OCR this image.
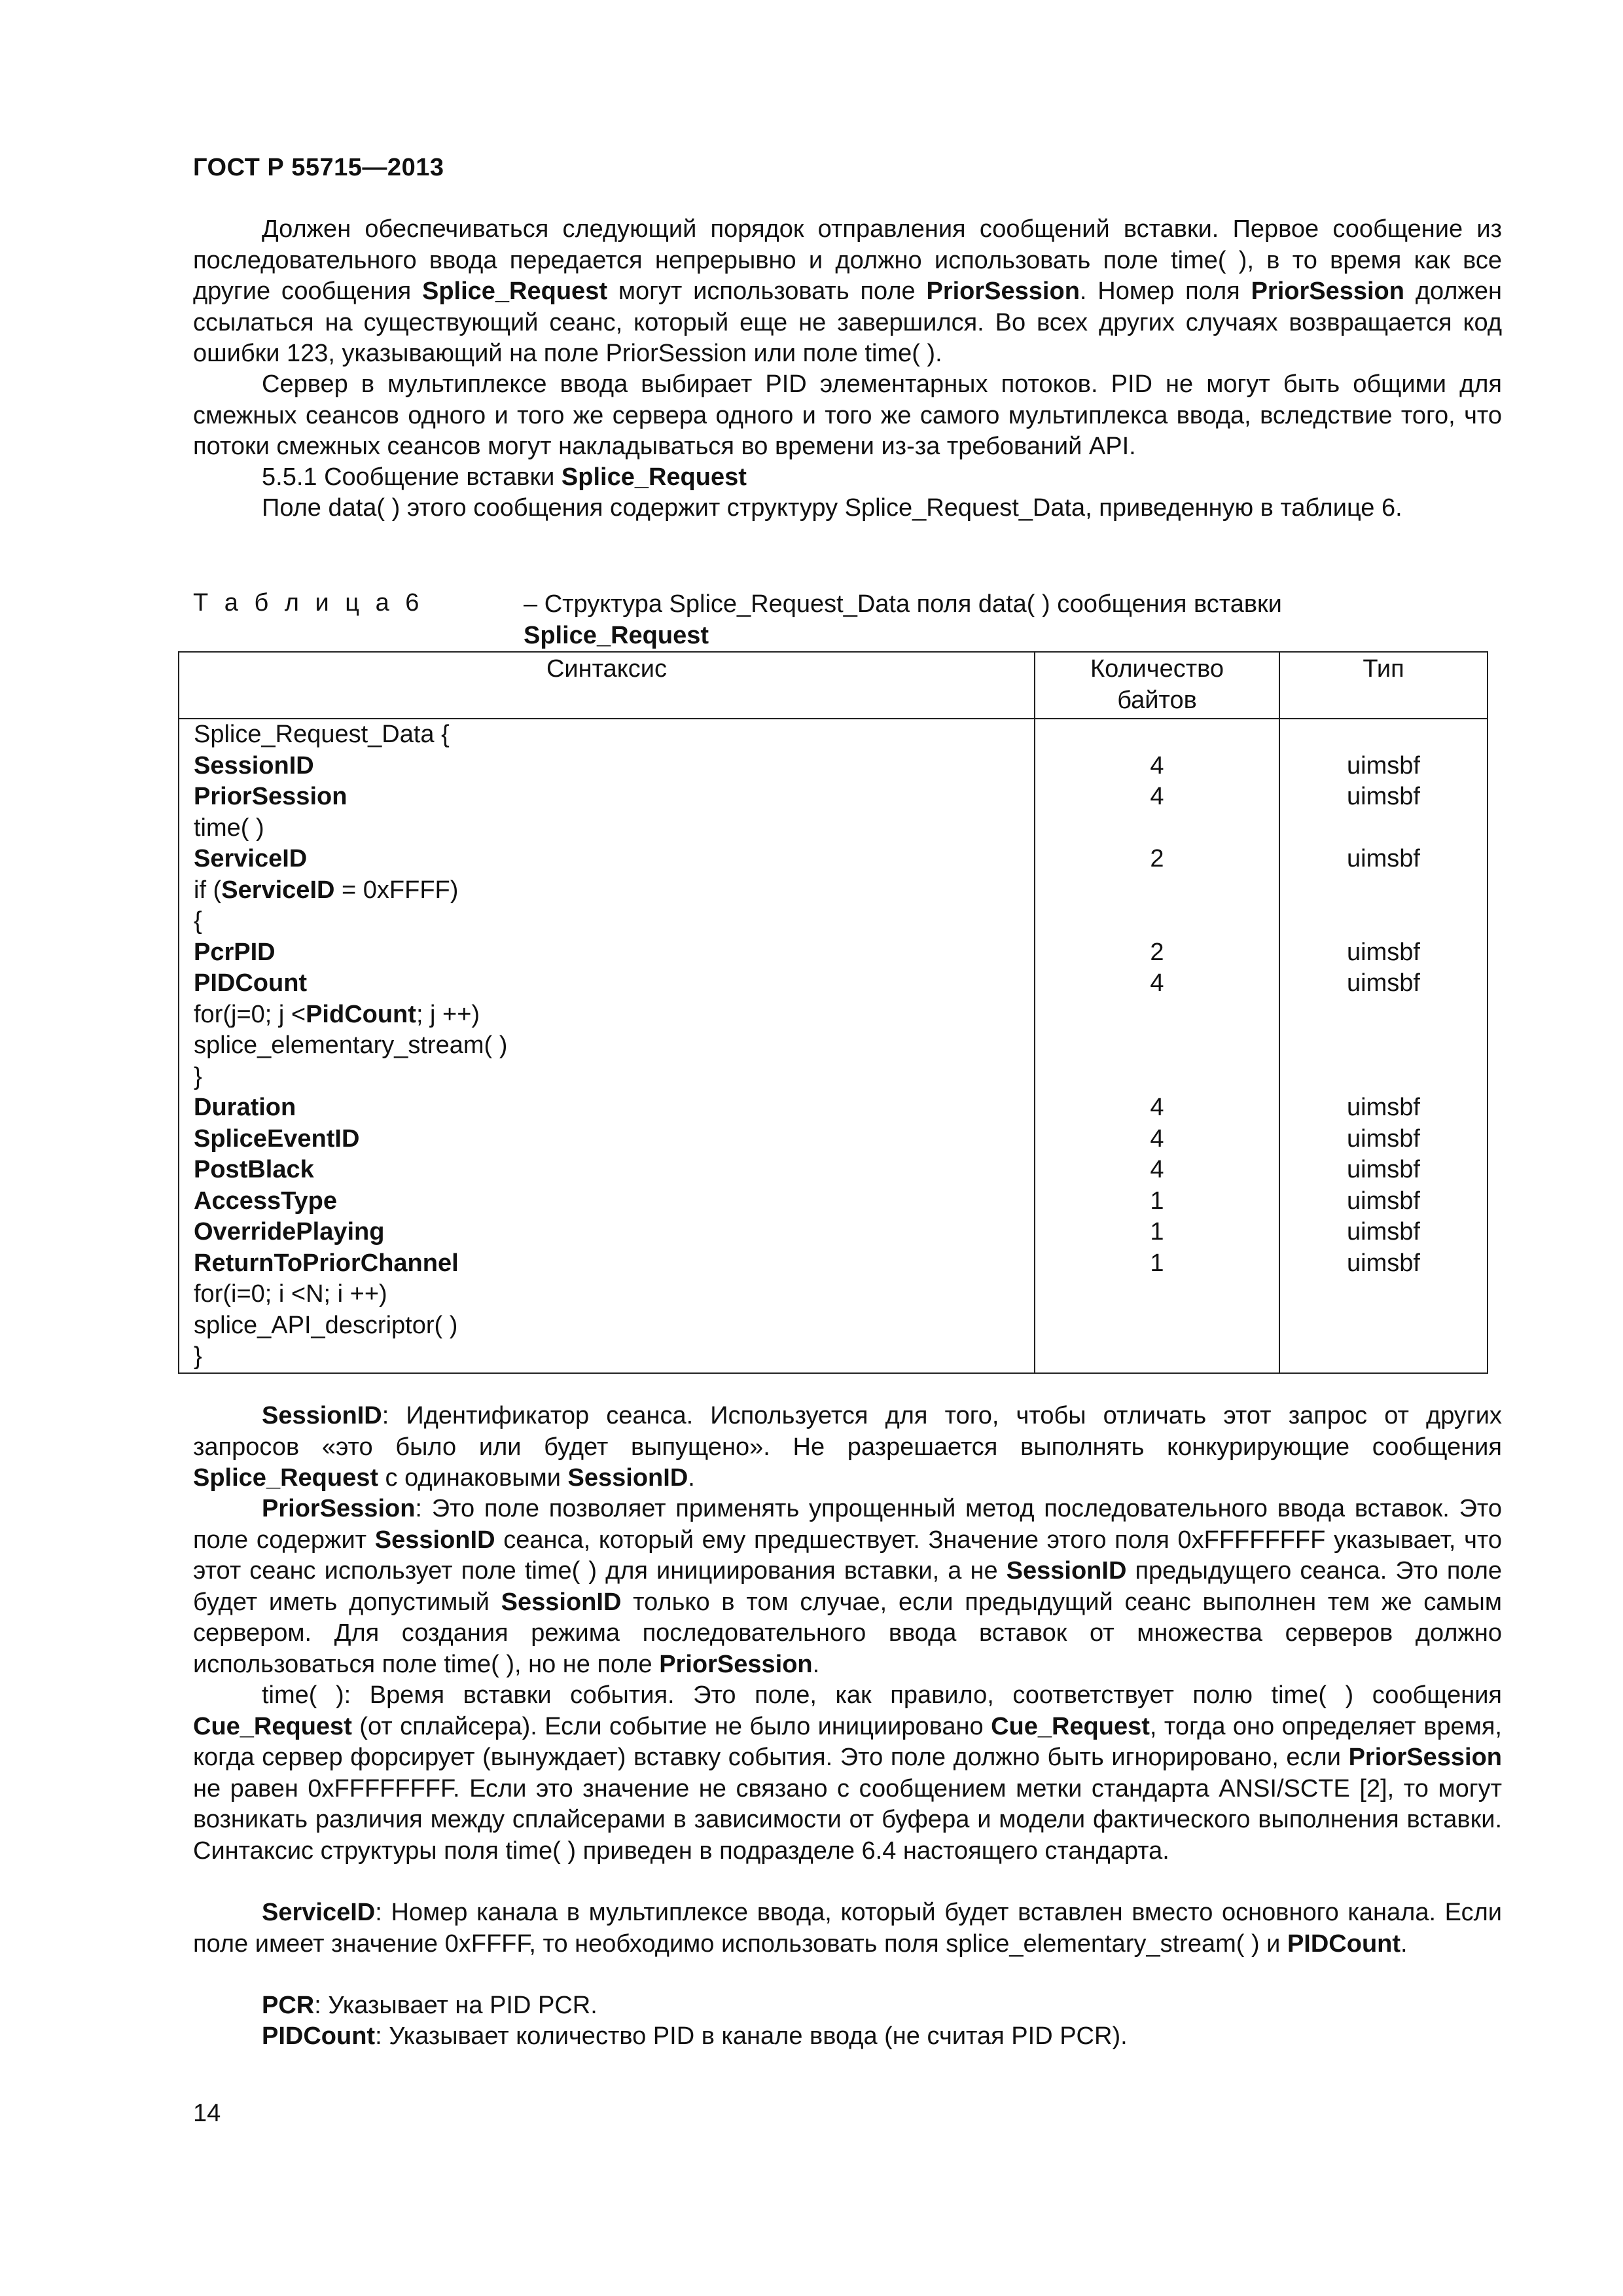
ГОСТ Р 55715—2013

Должен обеспечиваться следующий порядок отправления сообщений вставки. Первое сообщение из последовательного ввода передается непрерывно и должно использовать поле time( ), в то время как все другие сообщения Splice_Request могут использовать поле PriorSession. Номер поля PriorSession должен ссылаться на существующий сеанс, который еще не завершился. Во всех других случаях возвращается код ошибки 123, указывающий на поле PriorSession или поле time( ).

Сервер в мультиплексе ввода выбирает PID элементарных потоков. PID не могут быть общими для смежных сеансов одного и того же сервера одного и того же самого мультиплекса ввода, вследствие того, что потоки смежных сеансов могут накладываться во времени из-за требований API.

5.5.1 Сообщение вставки Splice_Request

Поле data( ) этого сообщения содержит структуру Splice_Request_Data, приведенную в таблице 6.

Т а б л и ц а 6	– Структура Splice_Request_Data поля data( ) сообщения вставки Splice_Request
Синтаксис	Количество байтов	Тип
Splice_Request_Data {		
SessionID	4	uimsbf
PriorSession	4	uimsbf
time( )		
ServiceID	2	uimsbf
if (ServiceID = 0xFFFF)		
{		
PcrPID	2	uimsbf
PIDCount	4	uimsbf
for(j=0; j <PidCount; j ++)		
splice_elementary_stream( )		
}		
Duration	4	uimsbf
SpliceEventID	4	uimsbf
PostBlack	4	uimsbf
AccessType	1	uimsbf
OverridePlaying	1	uimsbf
ReturnToPriorChannel	1	uimsbf
for(i=0; i <N; i ++)		
splice_API_descriptor( )		
}		

SessionID: Идентификатор сеанса. Используется для того, чтобы отличать этот запрос от других запросов «это было или будет выпущено». Не разрешается выполнять конкурирующие сообщения Splice_Request с одинаковыми SessionID.

PriorSession: Это поле позволяет применять упрощенный метод последовательного ввода вставок. Это поле содержит SessionID сеанса, который ему предшествует. Значение этого поля 0xFFFFFFFF указывает, что этот сеанс использует поле time( ) для инициирования вставки, а не SessionID предыдущего сеанса. Это поле будет иметь допустимый SessionID только в том случае, если предыдущий сеанс выполнен тем же самым сервером. Для создания режима последовательного ввода вставок от множества серверов должно использоваться поле time( ), но не поле PriorSession.

time( ): Время вставки события. Это поле, как правило, соответствует полю time( ) сообщения Cue_Request (от сплайсера). Если событие не было инициировано Cue_Request, тогда оно определяет время, когда сервер форсирует (вынуждает) вставку события. Это поле должно быть игнорировано, если PriorSession не равен 0xFFFFFFFF. Если это значение не связано с сообщением метки стандарта ANSI/SCTE [2], то могут возникать различия между сплайсерами в зависимости от буфера и модели фактического выполнения вставки. Синтаксис структуры поля time( ) приведен в подразделе 6.4 настоящего стандарта.

ServiceID: Номер канала в мультиплексе ввода, который будет вставлен вместо основного канала. Если поле имеет значение 0xFFFF, то необходимо использовать поля splice_elementary_stream( ) и PIDCount.

PCR: Указывает на PID PCR.

PIDCount: Указывает количество PID в канале ввода (не считая PID PCR).

14
